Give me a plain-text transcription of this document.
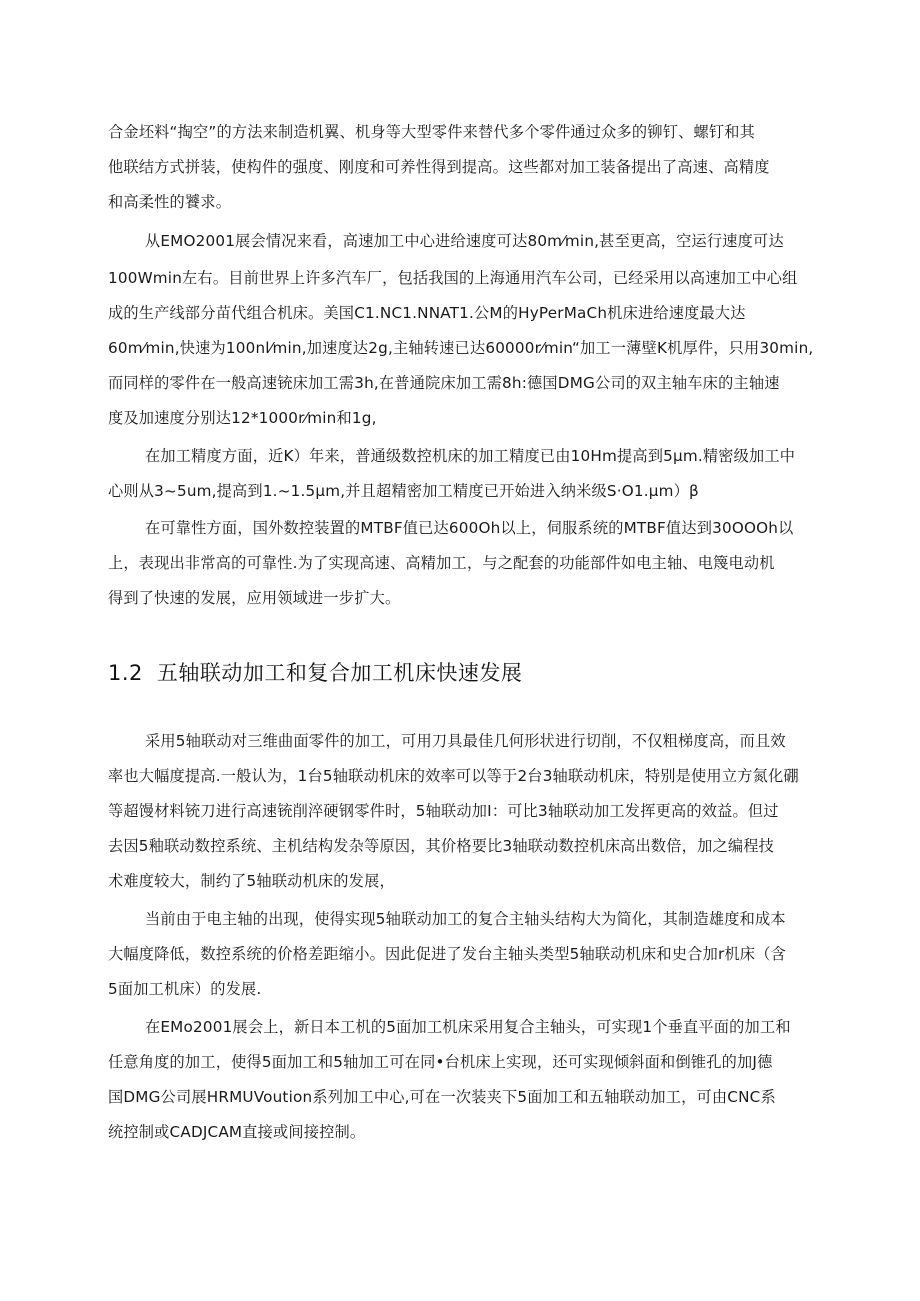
合金坯料“掏空”的方法来制造机翼、机身等大型零件来替代多个零件通过众多的铆钉、螺钉和其
他联结方式拼装，使构件的强度、刚度和可养性得到提高。这些都对加工装备提出了高速、高精度
和高柔性的饕求。
从EMO2001展会情况来看，高速加工中心进给速度可达80m⁄min,甚至更高，空运行速度可达
100Wmin左右。目前世界上许多汽车厂，包括我国的上海通用汽车公司，已经采用以高速加工中心组
成的生产线部分苗代组合机床。美国C1.NC1.NNAT1.公M的HyPerMaCh机床进给速度最大达
60m⁄min,快速为100nl⁄min,加速度达2g,主轴转速已达60000r⁄min“加工一薄壁K机厚件，只用30min,
而同样的零件在一般高速铳床加工需3h,在普通院床加工需8h:德国DMG公司的双主轴车床的主轴速
度及加速度分别达12*1000r⁄min和1g,
在加工精度方面，近K）年来，普通级数控机床的加工精度已由10Hm提高到5μm.精密级加工中
心则从3~5um,提高到1.~1.5μm,并且超精密加工精度已开始进入纳米级S·O1.μm）β
在可靠性方面，国外数控装置的MTBF值已达600Oh以上，伺服系统的MTBF值达到30OOOh以
上，表现出非常高的可靠性.为了实现高速、高精加工，与之配套的功能部件如电主轴、电篾电动机
得到了快速的发展，应用领域进一步扩大。
1.2 五轴联动加工和复合加工机床快速发展
采用5轴联动对三维曲面零件的加工，可用刀具最佳几何形状进行切削，不仅粗梯度高，而且效
率也大幅度提高.一般认为，1台5轴联动机床的效率可以等于2台3轴联动机床，特别是使用立方氮化硼
等超馒材料铳刀进行高速铳削淬硬钢零件时，5轴联动加I：可比3轴联动加工发挥更高的效益。但过
去因5釉联动数控系统、主机结构发杂等原因，其价格要比3轴联动数控机床高出数倍，加之编程技
术难度较大，制约了5轴联动机床的发展，
当前由于电主轴的出现，使得实现5轴联动加工的复合主轴头结构大为简化，其制造雄度和成本
大幅度降低，数控系统的价格差距缩小。因此促进了发台主轴头类型5轴联动机床和史合加r机床（含
5面加工机床）的发展.
在EMo2001展会上，新日本工机的5面加工机床采用复合主轴头，可实现1个垂直平面的加工和
任意角度的加工，使得5面加工和5轴加工可在同•台机床上实现，还可实现倾斜面和倒锥孔的加J德
国DMG公司展HRMUVoution系列加工中心,可在一次装夹下5面加工和五轴联动加工，可由CNC系
统控制或CADJCAM直接或间接控制。
